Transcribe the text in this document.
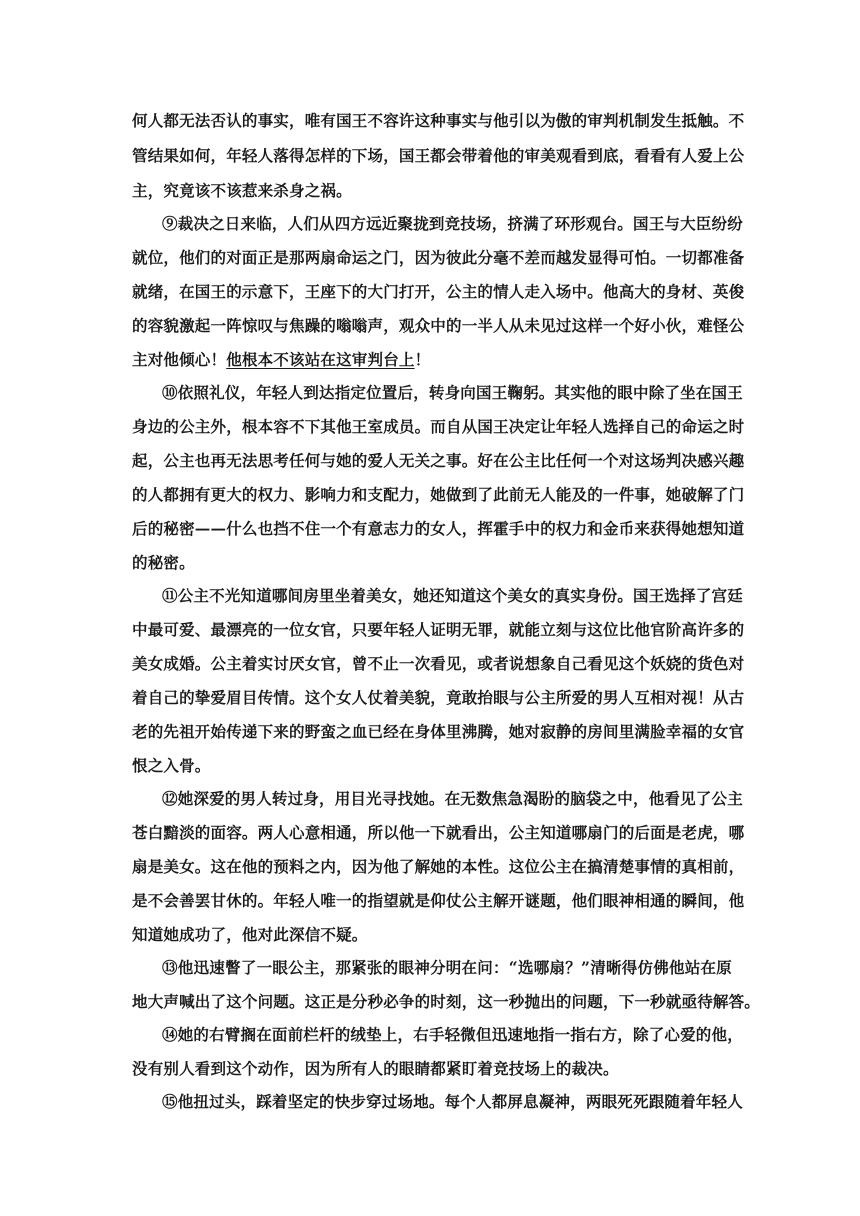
何人都无法否认的事实，唯有国王不容许这种事实与他引以为傲的审判机制发生抵触。不
管结果如何，年轻人落得怎样的下场，国王都会带着他的审美观看到底，看看有人爱上公
主，究竟该不该惹来杀身之祸。
⑨裁决之日来临，人们从四方远近聚拢到竞技场，挤满了环形观台。国王与大臣纷纷
就位，他们的对面正是那两扇命运之门，因为彼此分毫不差而越发显得可怕。一切都准备
就绪，在国王的示意下，王座下的大门打开，公主的情人走入场中。他高大的身材、英俊
的容貌激起一阵惊叹与焦躁的嗡嗡声，观众中的一半人从未见过这样一个好小伙，难怪公
主对他倾心！他根本不该站在这审判台上！
⑩依照礼仪，年轻人到达指定位置后，转身向国王鞠躬。其实他的眼中除了坐在国王
身边的公主外，根本容不下其他王室成员。而自从国王决定让年轻人选择自己的命运之时
起，公主也再无法思考任何与她的爱人无关之事。好在公主比任何一个对这场判决感兴趣
的人都拥有更大的权力、影响力和支配力，她做到了此前无人能及的一件事，她破解了门
后的秘密——什么也挡不住一个有意志力的女人，挥霍手中的权力和金币来获得她想知道
的秘密。
⑪公主不光知道哪间房里坐着美女，她还知道这个美女的真实身份。国王选择了宫廷
中最可爱、最漂亮的一位女官，只要年轻人证明无罪，就能立刻与这位比他官阶高许多的
美女成婚。公主着实讨厌女官，曾不止一次看见，或者说想象自己看见这个妖娆的货色对
着自己的挚爱眉目传情。这个女人仗着美貌，竟敢抬眼与公主所爱的男人互相对视！从古
老的先祖开始传递下来的野蛮之血已经在身体里沸腾，她对寂静的房间里满脸幸福的女官
恨之入骨。
⑫她深爱的男人转过身，用目光寻找她。在无数焦急渴盼的脑袋之中，他看见了公主
苍白黯淡的面容。两人心意相通，所以他一下就看出，公主知道哪扇门的后面是老虎，哪
扇是美女。这在他的预料之内，因为他了解她的本性。这位公主在搞清楚事情的真相前，
是不会善罢甘休的。年轻人唯一的指望就是仰仗公主解开谜题，他们眼神相通的瞬间，他
知道她成功了，他对此深信不疑。
⑬他迅速瞥了一眼公主，那紧张的眼神分明在问：“选哪扇？”清晰得仿佛他站在原
地大声喊出了这个问题。这正是分秒必争的时刻，这一秒抛出的问题，下一秒就亟待解答。
⑭她的右臂搁在面前栏杆的绒垫上，右手轻微但迅速地指一指右方，除了心爱的他，
没有别人看到这个动作，因为所有人的眼睛都紧盯着竞技场上的裁决。
⑮他扭过头，踩着坚定的快步穿过场地。每个人都屏息凝神，两眼死死跟随着年轻人
